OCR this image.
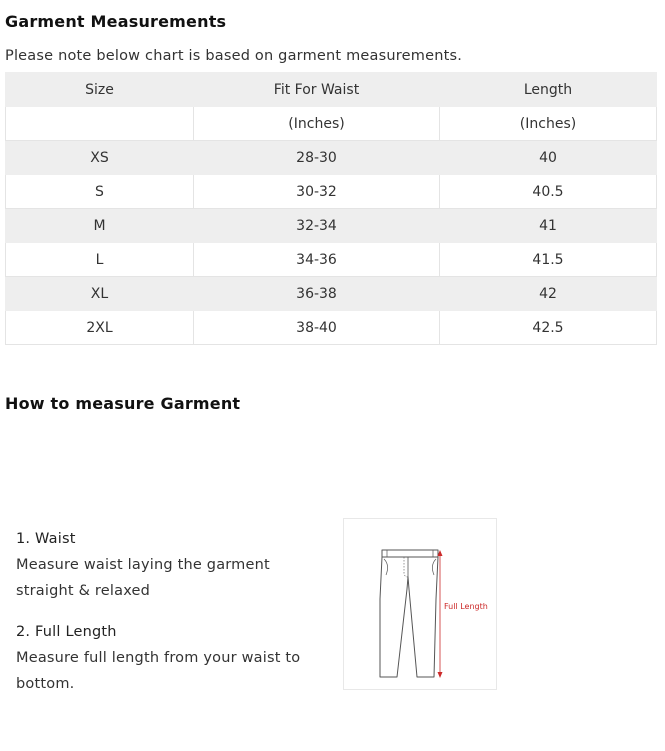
Garment Measurements
Please note below chart is based on garment measurements.
Size	Fit For Waist	Length
	(Inches)	(Inches)
XS	28-30	40
S	30-32	40.5
M	32-34	41
L	34-36	41.5
XL	36-38	42
2XL	38-40	42.5
How to measure Garment
1. Waist
Measure waist laying the garment straight & relaxed
2. Full Length
Measure full length from your waist to bottom.
Full Length
